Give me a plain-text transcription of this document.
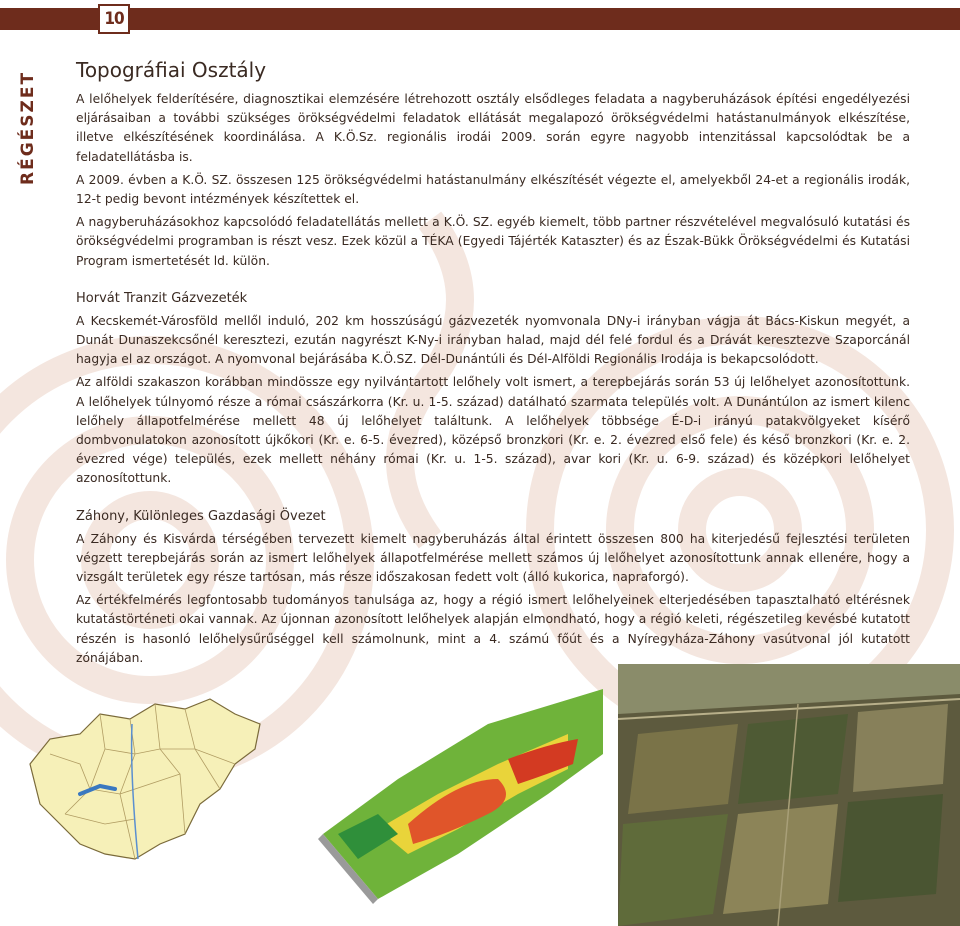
10
RÉGÉSZET
Topográfiai Osztály

A lelőhelyek felderítésére, diagnosztikai elemzésére létrehozott osztály elsődleges feladata a nagyberuházások építési engedélyezési eljárásaiban a további szükséges örökségvédelmi feladatok ellátását megalapozó örökségvédelmi hatástanulmányok elkészítése, illetve elkészítésének koordinálása. A K.Ö.Sz. regionális irodái 2009. során egyre nagyobb intenzitással kapcsolódtak be a feladatellátásba is.

A 2009. évben a K.Ö. SZ. összesen 125 örökségvédelmi hatástanulmány elkészítését végezte el, amelyekből 24-et a regionális irodák, 12-t pedig bevont intézmények készítettek el.

A nagyberuházásokhoz kapcsolódó feladatellátás mellett a K.Ö. SZ. egyéb kiemelt, több partner részvételével megvalósuló kutatási és örökségvédelmi programban is részt vesz. Ezek közül a TÉKA (Egyedi Tájérték Kataszter) és az Észak-Bükk Örökségvédelmi és Kutatási Program ismertetését ld. külön.

Horvát Tranzit Gázvezeték

A Kecskemét-Városföld mellől induló, 202 km hosszúságú gázvezeték nyomvonala DNy-i irányban vágja át Bács-Kiskun megyét, a Dunát Dunaszekcsőnél keresztezi, ezután nagyrészt K-Ny-i irányban halad, majd dél felé fordul és a Drávát keresztezve Szaporcánál hagyja el az országot. A nyomvonal bejárásába K.Ö.SZ. Dél-Dunántúli és Dél-Alföldi Regionális Irodája is bekapcsolódott.

Az alföldi szakaszon korábban mindössze egy nyilvántartott lelőhely volt ismert, a terepbejárás során 53 új lelőhelyet azonosítottunk. A lelőhelyek túlnyomó része a római császárkorra (Kr. u. 1-5. század) datálható szarmata település volt. A Dunántúlon az ismert kilenc lelőhely állapotfelmérése mellett 48 új lelőhelyet találtunk. A lelőhelyek többsége É-D-i irányú patakvölgyeket kísérő dombvonulatokon azonosított újkőkori (Kr. e. 6-5. évezred), középső bronzkori (Kr. e. 2. évezred első fele) és késő bronzkori (Kr. e. 2. évezred vége) település, ezek mellett néhány római (Kr. u. 1-5. század), avar kori (Kr. u. 6-9. század) és középkori lelőhelyet azonosítottunk.

Záhony, Különleges Gazdasági Övezet

A Záhony és Kisvárda térségében tervezett kiemelt nagyberuházás által érintett összesen 800 ha kiterjedésű fejlesztési területen végzett terepbejárás során az ismert lelőhelyek állapotfelmérése mellett számos új lelőhelyet azonosítottunk annak ellenére, hogy a vizsgált területek egy része tartósan, más része időszakosan fedett volt (álló kukorica, napraforgó).

Az értékfelmérés legfontosabb tudományos tanulsága az, hogy a régió ismert lelőhelyeinek elterjedésében tapasztalható eltérésnek kutatástörténeti okai vannak. Az újonnan azonosított lelőhelyek alapján elmondható, hogy a régió keleti, régészetileg kevésbé kutatott részén is hasonló lelőhelysűrűséggel kell számolnunk, mint a 4. számú főút és a Nyíregyháza-Záhony vasútvonal jól kutatott zónájában.
